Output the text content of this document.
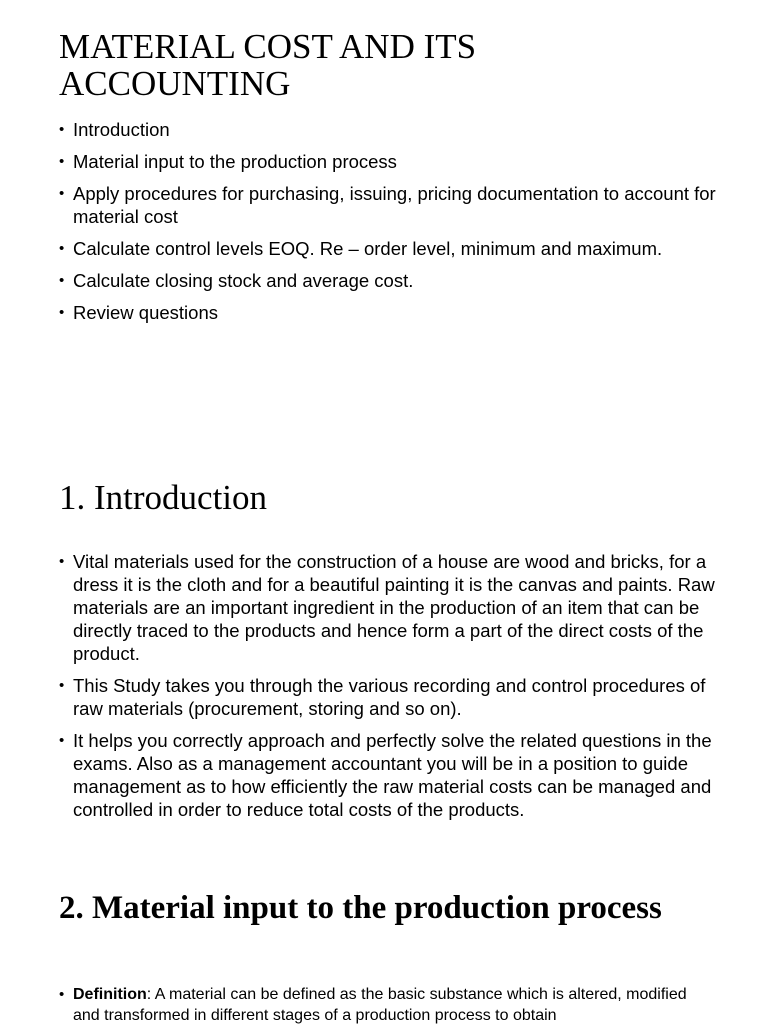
MATERIAL COST AND ITS
ACCOUNTING
• Introduction
• Material input to the production process
• Apply procedures for purchasing, issuing, pricing documentation to account for material cost
• Calculate control levels EOQ. Re – order level, minimum and maximum.
• Calculate closing stock and average cost.
• Review questions
1. Introduction
• Vital materials used for the construction of a house are wood and bricks, for a dress it is the cloth and for a beautiful painting it is the canvas and paints. Raw materials are an important ingredient in the production of an item that can be directly traced to the products and hence form a part of the direct costs of the product.
• This Study takes you through the various recording and control procedures of raw materials (procurement, storing and so on).
• It helps you correctly approach and perfectly solve the related questions in the exams. Also as a management accountant you will be in a position to guide management as to how efficiently the raw material costs can be managed and controlled in order to reduce total costs of the products.
2. Material input to the production process
• Definition: A material can be defined as the basic substance which is altered, modified and transformed in different stages of a production process to obtain
